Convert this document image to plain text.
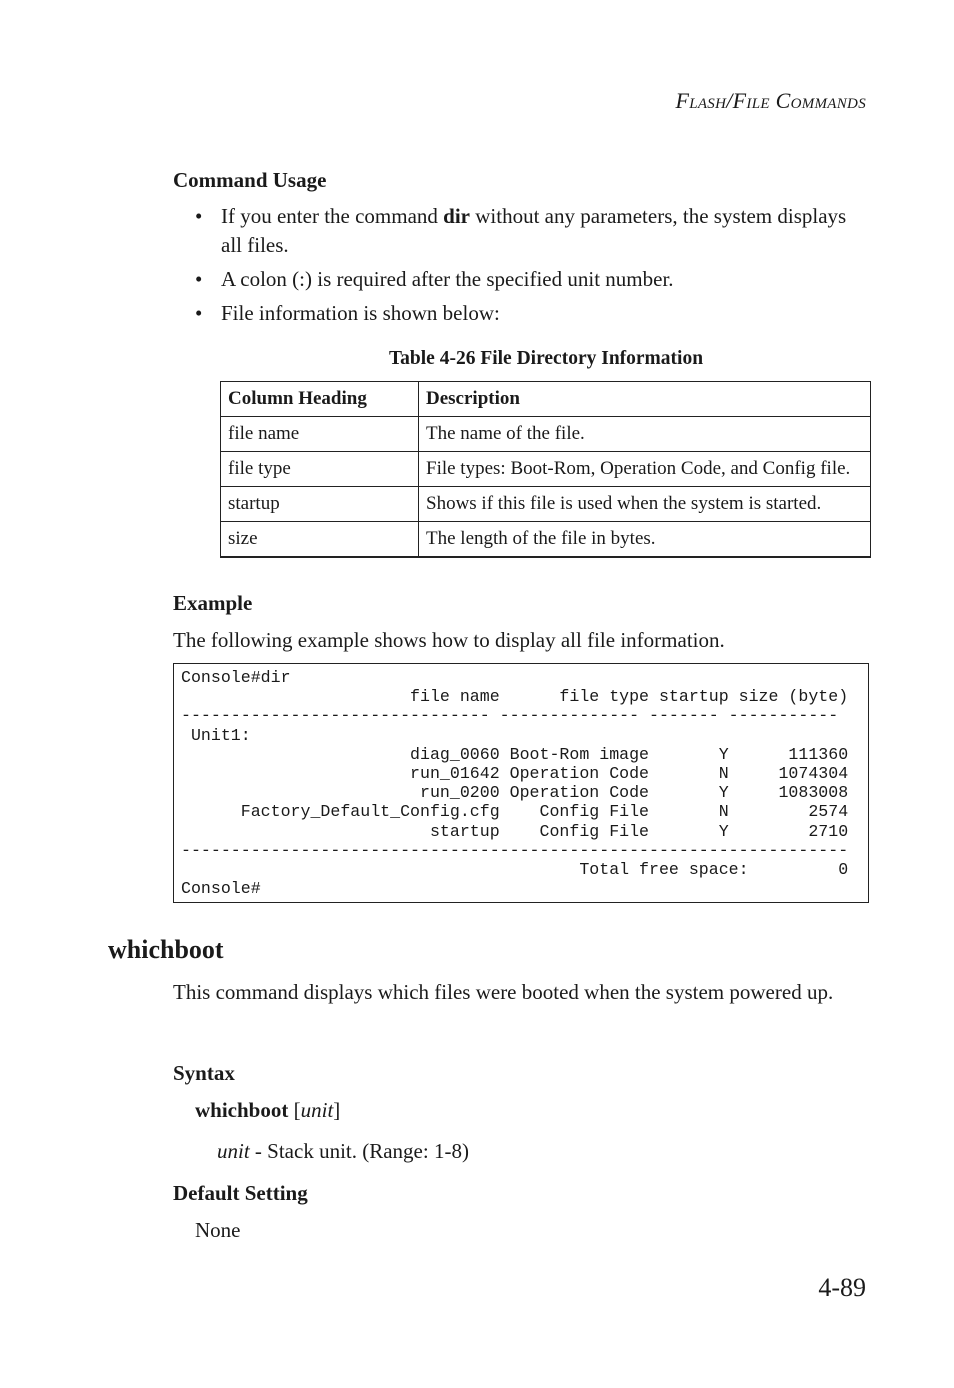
Flash/File Commands
Command Usage
• If you enter the command dir without any parameters, the system displays all files.
• A colon (:) is required after the specified unit number.
• File information is shown below:
Table 4-26 File Directory Information
Column Heading	Description
file name	The name of the file.
file type	File types: Boot-Rom, Operation Code, and Config file.
startup	Shows if this file is used when the system is started.
size	The length of the file in bytes.
Example
The following example shows how to display all file information.
Console#dir
file name      file type startup size (byte)
------------------------------- -------------- ------- -----------
Unit1:
diag_0060 Boot-Rom image       Y      111360
run_01642 Operation Code       N     1074304
run_0200 Operation Code       Y     1083008
Factory_Default_Config.cfg    Config File       N        2574
startup    Config File       Y        2710
-------------------------------------------------------------------
Total free space:         0
Console#
whichboot
This command displays which files were booted when the system powered up.
Syntax
whichboot [unit]
unit - Stack unit. (Range: 1-8)
Default Setting
None
4-89
